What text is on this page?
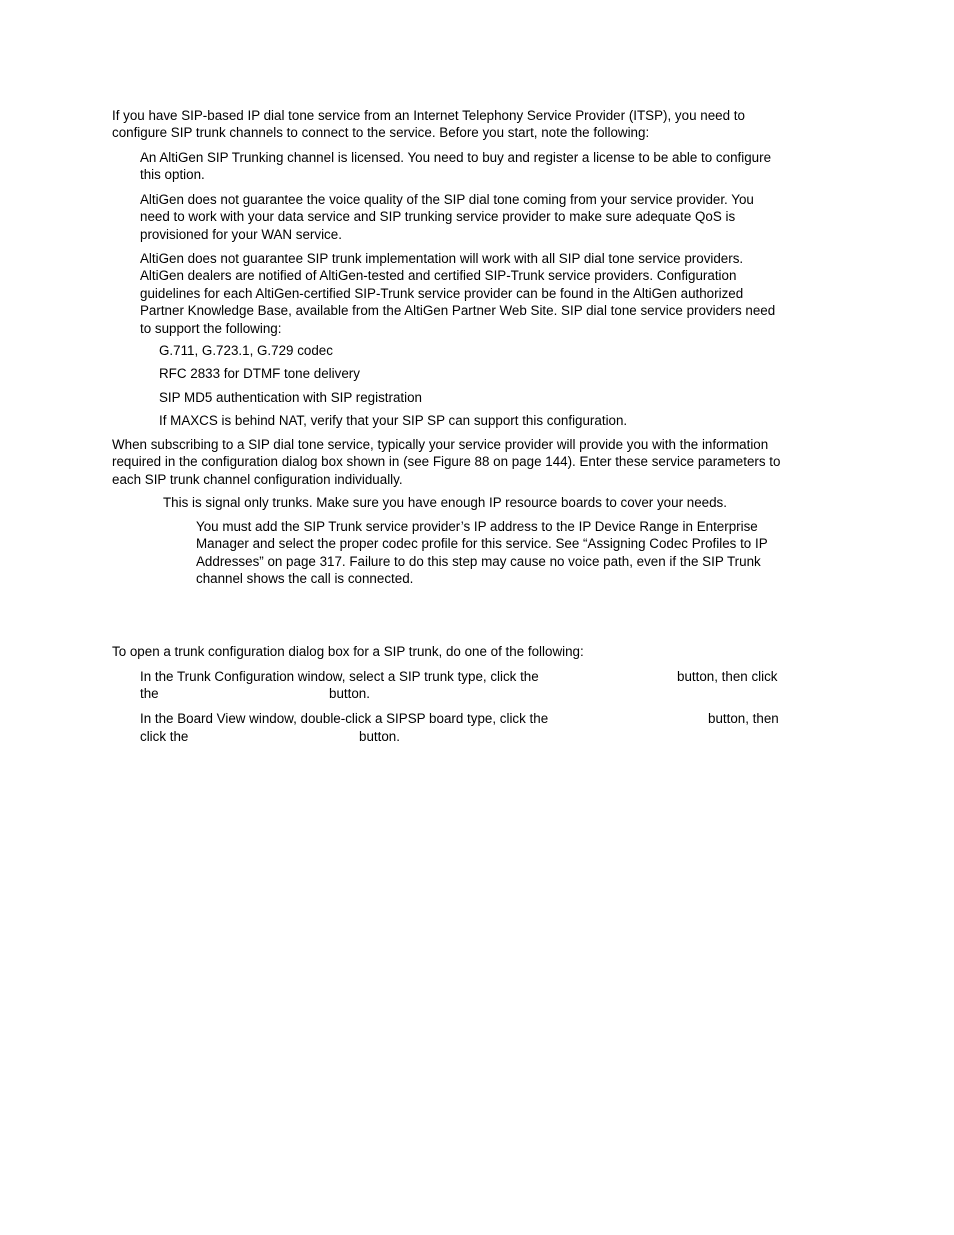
If you have SIP-based IP dial tone service from an Internet Telephony Service Provider (ITSP), you need to configure SIP trunk channels to connect to the service. Before you start, note the following:

An AltiGen SIP Trunking channel is licensed. You need to buy and register a license to be able to configure this option.

AltiGen does not guarantee the voice quality of the SIP dial tone coming from your service provider. You need to work with your data service and SIP trunking service provider to make sure adequate QoS is provisioned for your WAN service.

AltiGen does not guarantee SIP trunk implementation will work with all SIP dial tone service providers. AltiGen dealers are notified of AltiGen-tested and certified SIP-Trunk service providers. Configuration guidelines for each AltiGen-certified SIP-Trunk service provider can be found in the AltiGen authorized Partner Knowledge Base, available from the AltiGen Partner Web Site. SIP dial tone service providers need to support the following:

G.711, G.723.1, G.729 codec

RFC 2833 for DTMF tone delivery

SIP MD5 authentication with SIP registration

If MAXCS is behind NAT, verify that your SIP SP can support this configuration.

When subscribing to a SIP dial tone service, typically your service provider will provide you with the information required in the configuration dialog box shown in (see Figure 88 on page 144). Enter these service parameters to each SIP trunk channel configuration individually.

This is signal only trunks. Make sure you have enough IP resource boards to cover your needs.

You must add the SIP Trunk service provider’s IP address to the IP Device Range in Enterprise Manager and select the proper codec profile for this service. See “Assigning Codec Profiles to IP Addresses” on page 317. Failure to do this step may cause no voice path, even if the SIP Trunk channel shows the call is connected.

To open a trunk configuration dialog box for a SIP trunk, do one of the following:

In the Trunk Configuration window, select a SIP trunk type, click the	button, then click
the	button.
In the Board View window, double-click a SIPSP board type, click the	button, then
click the	button.
